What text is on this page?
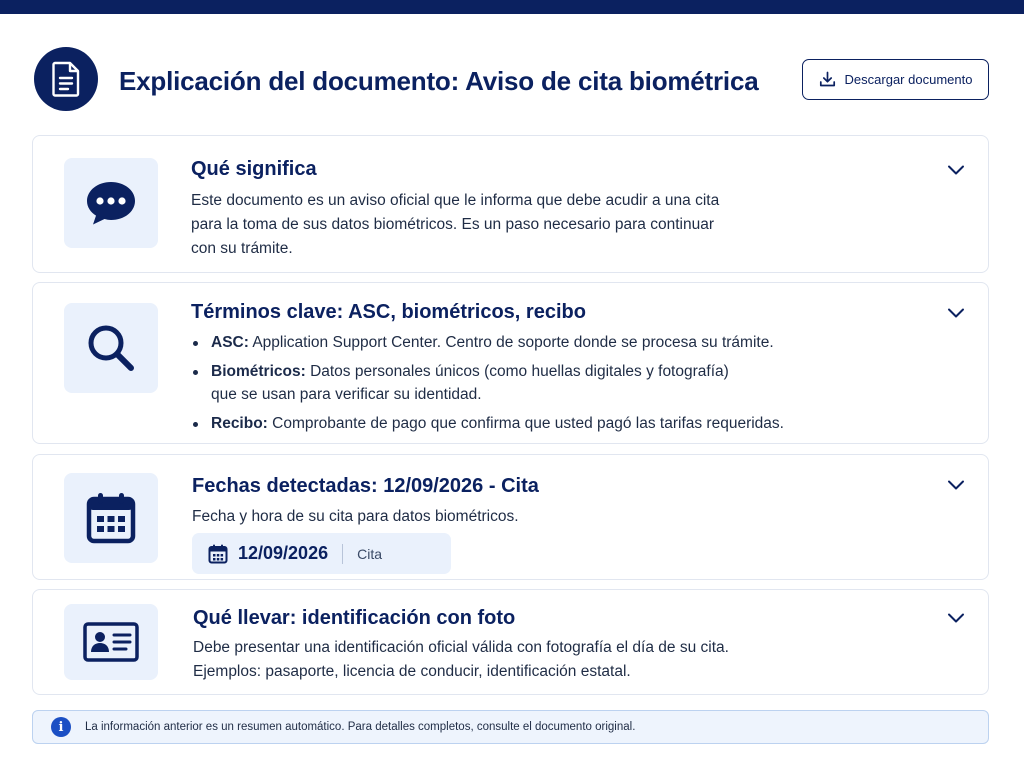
Explicación del documento: Aviso de cita biométrica	Descargar documento
Qué significa
Este documento es un aviso oficial que le informa que debe acudir a una cita
para la toma de sus datos biométricos. Es un paso necesario para continuar
con su trámite.
Términos clave: ASC, biométricos, recibo
ASC: Application Support Center. Centro de soporte donde se procesa su trámite.
Biométricos: Datos personales únicos (como huellas digitales y fotografía)
que se usan para verificar su identidad.
Recibo: Comprobante de pago que confirma que usted pagó las tarifas requeridas.
Fechas detectadas: 12/09/2026 - Cita
Fecha y hora de su cita para datos biométricos.
12/09/2026 Cita
Qué llevar: identificación con foto
Debe presentar una identificación oficial válida con fotografía el día de su cita.
Ejemplos: pasaporte, licencia de conducir, identificación estatal.
i	La información anterior es un resumen automático. Para detalles completos, consulte el documento original.
